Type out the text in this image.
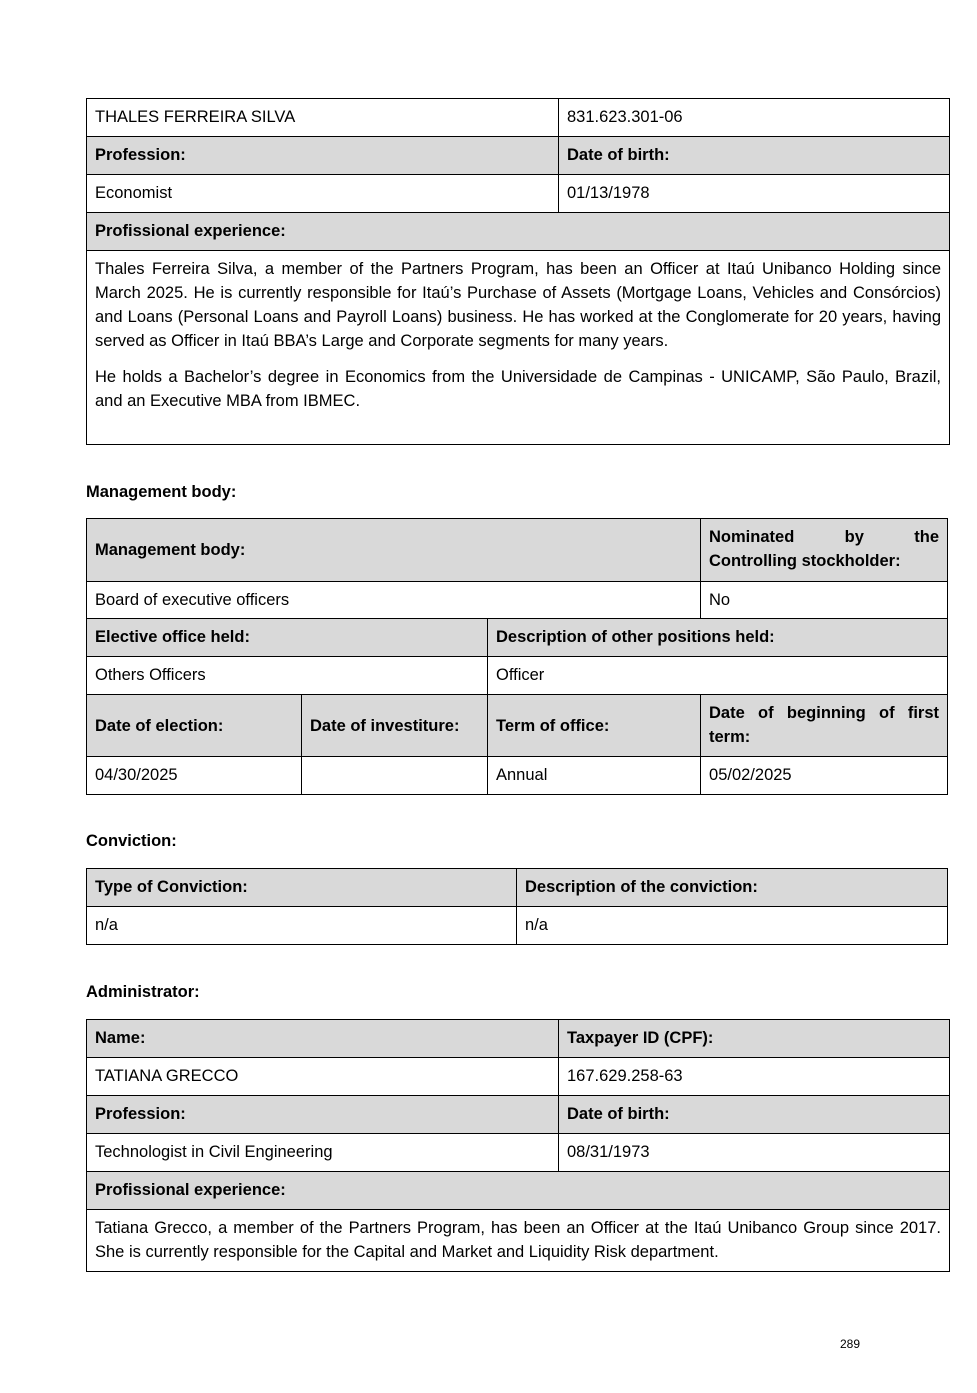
THALES FERREIRA SILVA	831.623.301-06
Profession:	Date of birth:
Economist	01/13/1978
Profissional experience:	

Thales Ferreira Silva, a member of the Partners Program, has been an Officer at Itaú Unibanco Holding since March 2025. He is currently responsible for Itaú’s Purchase of Assets (Mortgage Loans, Vehicles and Consórcios) and Loans (Personal Loans and Payroll Loans) business. He has worked at the Conglomerate for 20 years, having served as Officer in Itaú BBA’s Large and Corporate segments for many years.

He holds a Bachelor’s degree in Economics from the Universidade de Campinas - UNICAMP, São Paulo, Brazil, and an Executive MBA from IBMEC.	

Management body:
Management body:			Nominated by the Controlling stockholder:
Board of executive officers			No
Elective office held:		Description of other positions held:	
Others Officers		Officer	
Date of election:	Date of investiture:	Term of office:	Date of beginning of first term:
04/30/2025		Annual	05/02/2025
Conviction:
Type of Conviction:	Description of the conviction:
n/a	n/a
Administrator:
Name:	Taxpayer ID (CPF):
TATIANA GRECCO	167.629.258-63
Profession:	Date of birth:
Technologist in Civil Engineering	08/31/1973
Profissional experience:	
Tatiana Grecco, a member of the Partners Program, has been an Officer at the Itaú Unibanco Group since 2017. She is currently responsible for the Capital and Market and Liquidity Risk department.	
289
